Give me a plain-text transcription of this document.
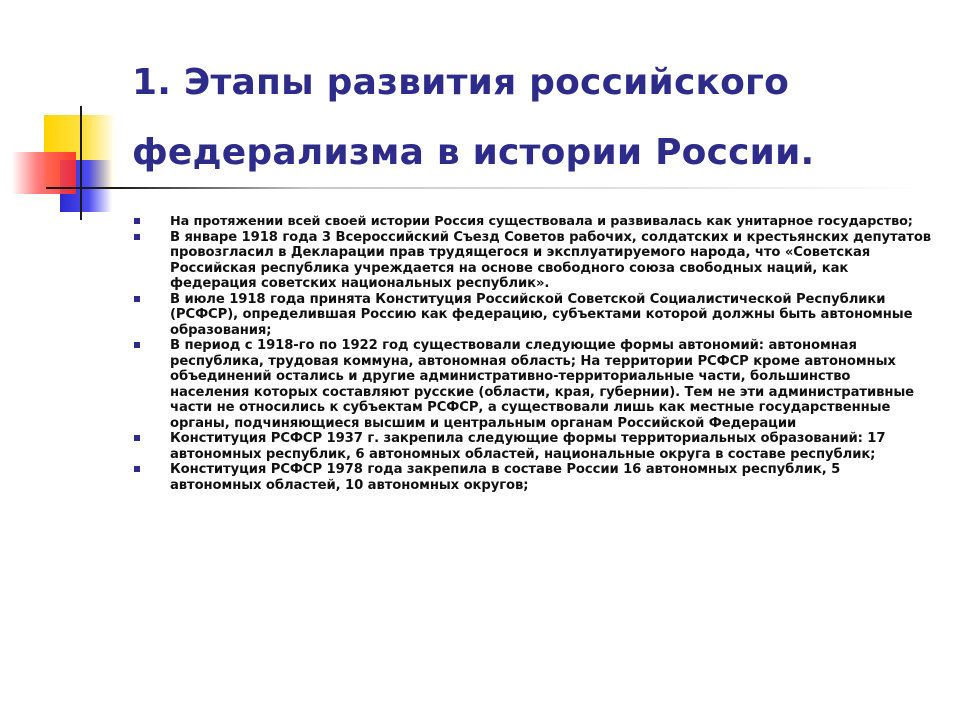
1. Этапы развития российского
федерализма в истории России.
На протяжении всей своей истории Россия существовала и развивалась как унитарное государство;
В январе 1918 года 3 Всероссийский Съезд Советов рабочих, солдатских и крестьянских депутатов провозгласил в Декларации прав трудящегося и эксплуатируемого народа, что «Советская Российская республика учреждается на основе свободного союза свободных наций, как федерация советских национальных республик».
В июле 1918 года принята Конституция Российской Советской Социалистической Республики (РСФСР), определившая Россию как федерацию, субъектами которой должны быть автономные образования;
В период с 1918-го по 1922 год существовали следующие формы автономий: автономная республика, трудовая коммуна, автономная область; На территории РСФСР кроме автономных объединений остались и другие административно-территориальные части, большинство населения которых составляют русские (области, края, губернии). Тем не эти административные части не относились к субъектам РСФСР, а существовали лишь как местные государственные органы, подчиняющиеся высшим и центральным органам Российской Федерации
Конституция РСФСР 1937 г. закрепила следующие формы территориальных образований: 17 автономных республик, 6 автономных областей, национальные округа в составе республик;
Конституция РСФСР 1978 года закрепила в составе России 16 автономных республик, 5 автономных областей, 10 автономных округов;
